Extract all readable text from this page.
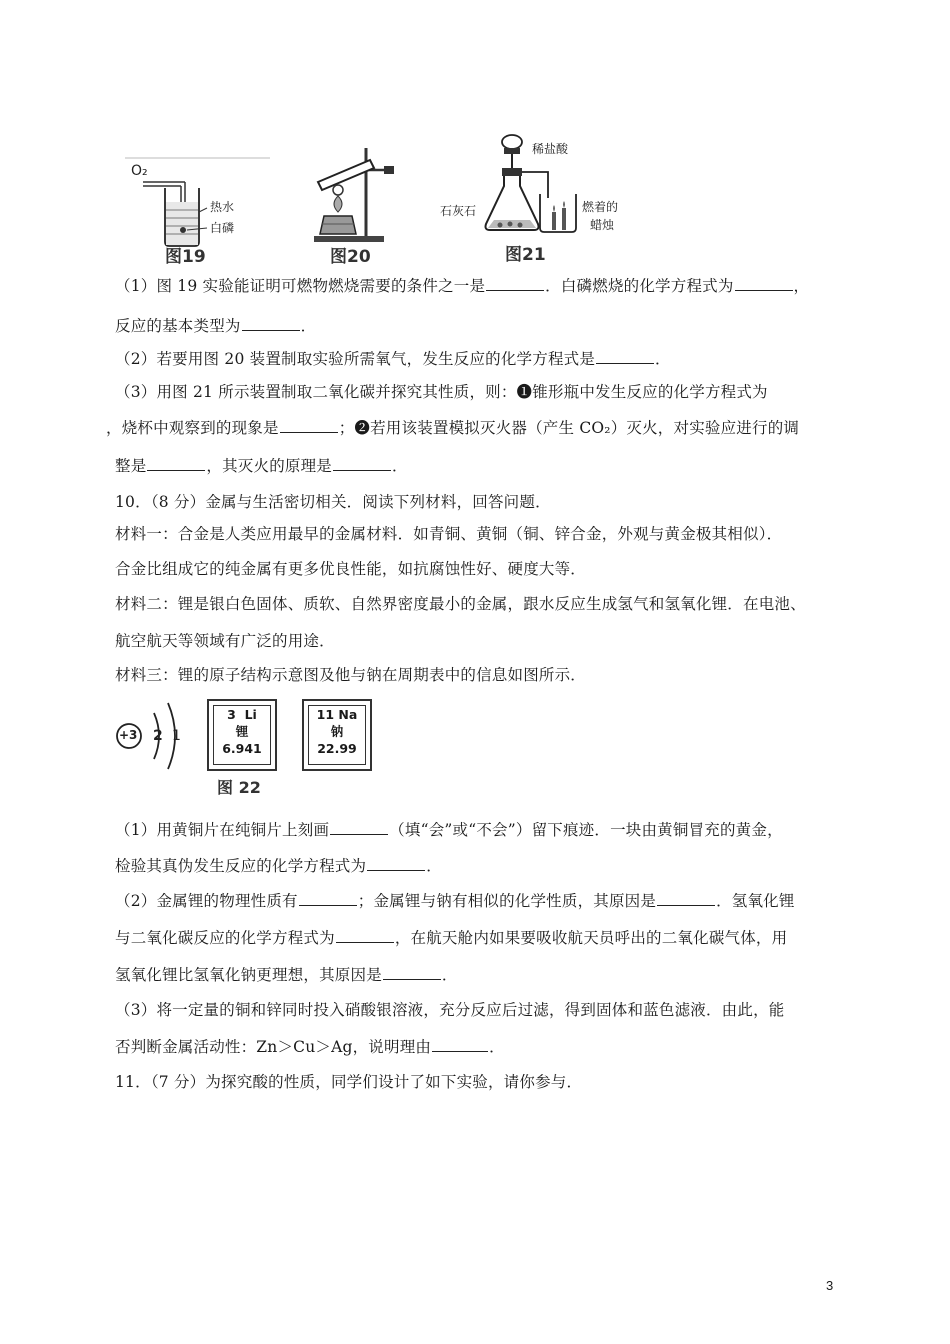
O₂
热水
白磷
图19	图20
稀盐酸
石灰石	燃着的
蜡烛
图21
（1）图 19 实验能证明可燃物燃烧需要的条件之一是	．白磷燃烧的化学方程式为	，
反应的基本类型为	．
（2）若要用图 20 装置制取实验所需氧气，发生反应的化学方程式是	．
（3）用图 21 所示装置制取二氧化碳并探究其性质，则：❶锥形瓶中发生反应的化学方程式为
，烧杯中观察到的现象是	；❷若用该装置模拟灭火器（产生 CO₂）灭火，对实验应进行的调
整是	，其灭火的原理是	．
10．（8 分）金属与生活密切相关．阅读下列材料，回答问题．
材料一：合金是人类应用最早的金属材料．如青铜、黄铜（铜、锌合金，外观与黄金极其相似）．
合金比组成它的纯金属有更多优良性能，如抗腐蚀性好、硬度大等．
材料二：锂是银白色固体、质软、自然界密度最小的金属，跟水反应生成氢气和氢氧化锂．在电池、
航空航天等领域有广泛的用途．
材料三：锂的原子结构示意图及他与钠在周期表中的信息如图所示．
+3 2 1
3 Li
锂
6.941
11 Na
钠
22.99
图 22
（1）用黄铜片在纯铜片上刻画	（填“会”或“不会”）留下痕迹．一块由黄铜冒充的黄金，
检验其真伪发生反应的化学方程式为	．
（2）金属锂的物理性质有	；金属锂与钠有相似的化学性质，其原因是	．氢氧化锂
与二氧化碳反应的化学方程式为	，在航天舱内如果要吸收航天员呼出的二氧化碳气体，用
氢氧化锂比氢氧化钠更理想，其原因是	．
（3）将一定量的铜和锌同时投入硝酸银溶液，充分反应后过滤，得到固体和蓝色滤液．由此，能
否判断金属活动性：Zn＞Cu＞Ag，说明理由	．
11．（7 分）为探究酸的性质，同学们设计了如下实验，请你参与．
3
